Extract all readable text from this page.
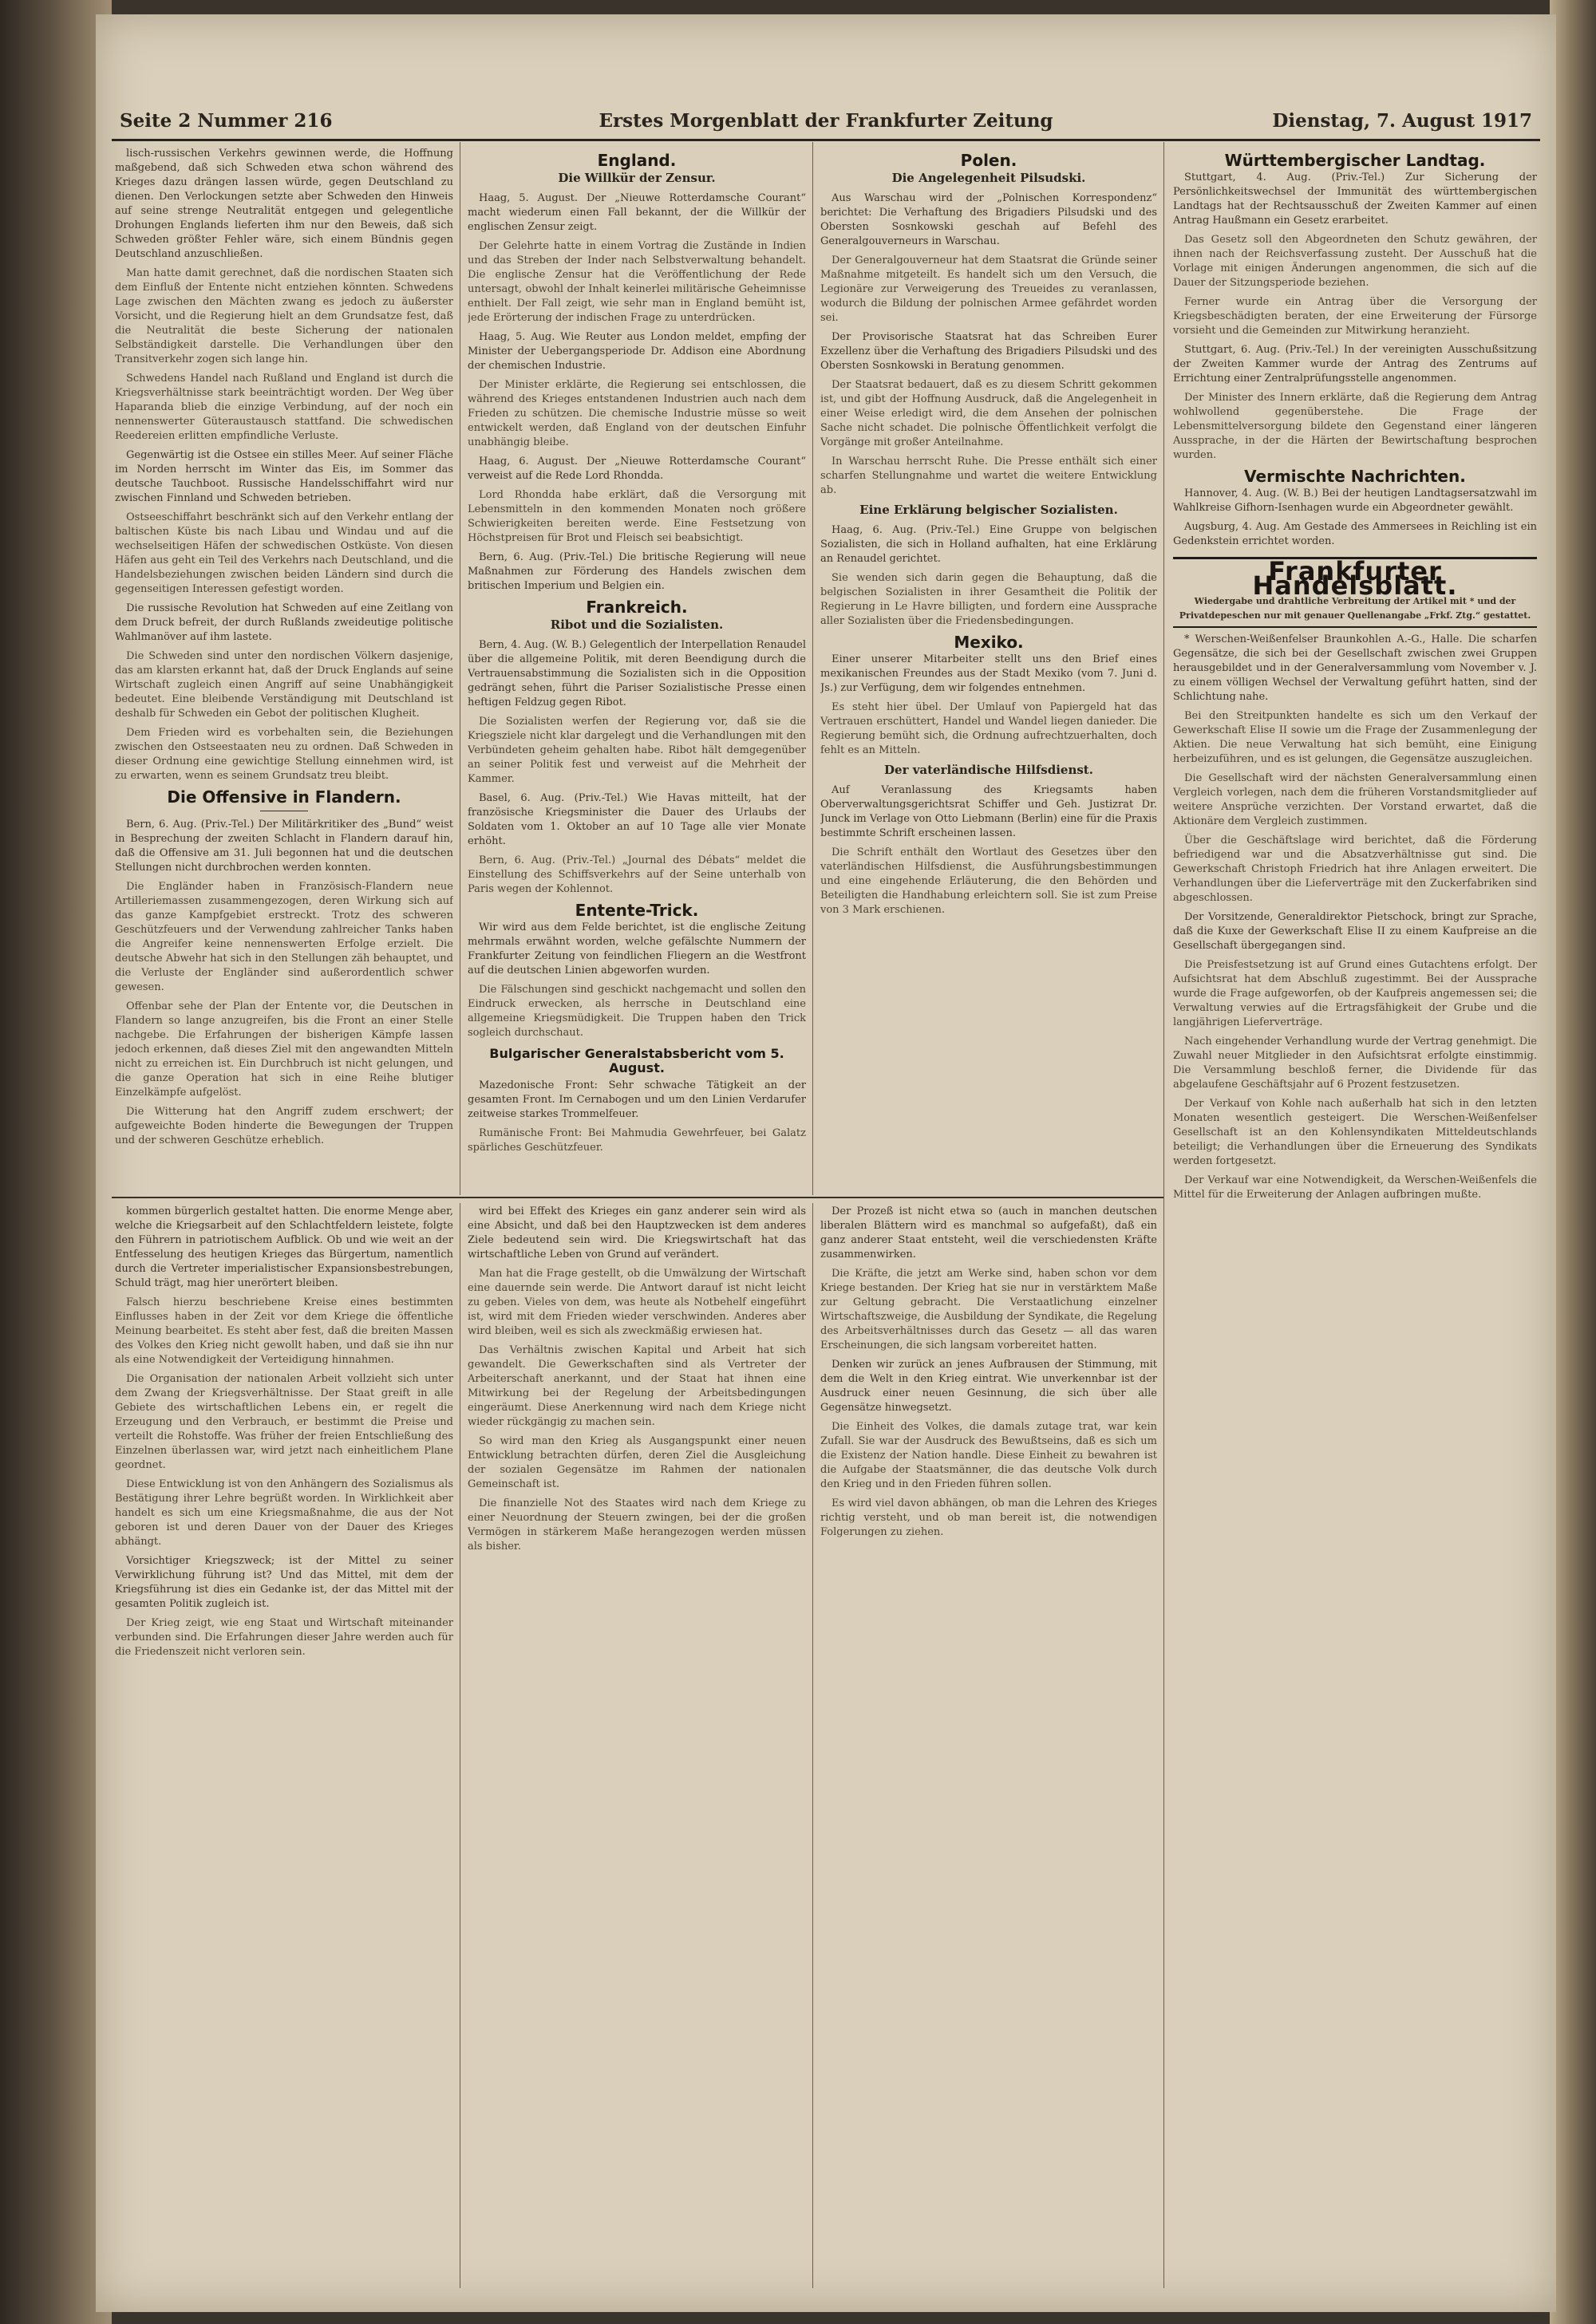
Seite 2 Nummer 216	Erstes Morgenblatt der Frankfurter Zeitung	Dienstag, 7. August 1917

lisch-russischen Verkehrs gewinnen werde, die Hoffnung maßgebend, daß sich Schweden etwa schon während des Krieges dazu drängen lassen würde, gegen Deutschland zu dienen. Den Verlockungen setzte aber Schweden den Hinweis auf seine strenge Neutralität entgegen und gelegentliche Drohungen Englands lieferten ihm nur den Beweis, daß sich Schweden größter Fehler wäre, sich einem Bündnis gegen Deutschland anzuschließen.

Man hatte damit gerechnet, daß die nordischen Staaten sich dem Einfluß der Entente nicht entziehen könnten. Schwedens Lage zwischen den Mächten zwang es jedoch zu äußerster Vorsicht, und die Regierung hielt an dem Grundsatze fest, daß die Neutralität die beste Sicherung der nationalen Selbständigkeit darstelle. Die Verhandlungen über den Transitverkehr zogen sich lange hin.

Schwedens Handel nach Rußland und England ist durch die Kriegsverhältnisse stark beeinträchtigt worden. Der Weg über Haparanda blieb die einzige Verbindung, auf der noch ein nennenswerter Güteraustausch stattfand. Die schwedischen Reedereien erlitten empfindliche Verluste.

Gegenwärtig ist die Ostsee ein stilles Meer. Auf seiner Fläche im Norden herrscht im Winter das Eis, im Sommer das deutsche Tauchboot. Russische Handelsschiffahrt wird nur zwischen Finnland und Schweden betrieben.

Ostseeschiffahrt beschränkt sich auf den Verkehr entlang der baltischen Küste bis nach Libau und Windau und auf die wechselseitigen Häfen der schwedischen Ostküste. Von diesen Häfen aus geht ein Teil des Verkehrs nach Deutschland, und die Handelsbeziehungen zwischen beiden Ländern sind durch die gegenseitigen Interessen gefestigt worden.

Die russische Revolution hat Schweden auf eine Zeitlang von dem Druck befreit, der durch Rußlands zweideutige politische Wahlmanöver auf ihm lastete.

Die Schweden sind unter den nordischen Völkern dasjenige, das am klarsten erkannt hat, daß der Druck Englands auf seine Wirtschaft zugleich einen Angriff auf seine Unabhängigkeit bedeutet. Eine bleibende Verständigung mit Deutschland ist deshalb für Schweden ein Gebot der politischen Klugheit.

Dem Frieden wird es vorbehalten sein, die Beziehungen zwischen den Ostseestaaten neu zu ordnen. Daß Schweden in dieser Ordnung eine gewichtige Stellung einnehmen wird, ist zu erwarten, wenn es seinem Grundsatz treu bleibt.

Die Offensive in Flandern.

Bern, 6. Aug. (Priv.-Tel.) Der Militärkritiker des „Bund“ weist in Besprechung der zweiten Schlacht in Flandern darauf hin, daß die Offensive am 31. Juli begonnen hat und die deutschen Stellungen nicht durchbrochen werden konnten.

Die Engländer haben in Französisch-Flandern neue Artilleriemassen zusammengezogen, deren Wirkung sich auf das ganze Kampfgebiet erstreckt. Trotz des schweren Geschützfeuers und der Verwendung zahlreicher Tanks haben die Angreifer keine nennenswerten Erfolge erzielt. Die deutsche Abwehr hat sich in den Stellungen zäh behauptet, und die Verluste der Engländer sind außerordentlich schwer gewesen.

Offenbar sehe der Plan der Entente vor, die Deutschen in Flandern so lange anzugreifen, bis die Front an einer Stelle nachgebe. Die Erfahrungen der bisherigen Kämpfe lassen jedoch erkennen, daß dieses Ziel mit den angewandten Mitteln nicht zu erreichen ist. Ein Durchbruch ist nicht gelungen, und die ganze Operation hat sich in eine Reihe blutiger Einzelkämpfe aufgelöst.

Die Witterung hat den Angriff zudem erschwert; der aufgeweichte Boden hinderte die Bewegungen der Truppen und der schweren Geschütze erheblich.

England.
Die Willkür der Zensur.

Haag, 5. August. Der „Nieuwe Rotterdamsche Courant“ macht wiederum einen Fall bekannt, der die Willkür der englischen Zensur zeigt.

Der Gelehrte hatte in einem Vortrag die Zustände in Indien und das Streben der Inder nach Selbstverwaltung behandelt. Die englische Zensur hat die Veröffentlichung der Rede untersagt, obwohl der Inhalt keinerlei militärische Geheimnisse enthielt. Der Fall zeigt, wie sehr man in England bemüht ist, jede Erörterung der indischen Frage zu unterdrücken.

Haag, 5. Aug. Wie Reuter aus London meldet, empfing der Minister der Uebergangsperiode Dr. Addison eine Abordnung der chemischen Industrie.

Der Minister erklärte, die Regierung sei entschlossen, die während des Krieges entstandenen Industrien auch nach dem Frieden zu schützen. Die chemische Industrie müsse so weit entwickelt werden, daß England von der deutschen Einfuhr unabhängig bleibe.

Haag, 6. August. Der „Nieuwe Rotterdamsche Courant“ verweist auf die Rede Lord Rhondda.

Lord Rhondda habe erklärt, daß die Versorgung mit Lebensmitteln in den kommenden Monaten noch größere Schwierigkeiten bereiten werde. Eine Festsetzung von Höchstpreisen für Brot und Fleisch sei beabsichtigt.

Bern, 6. Aug. (Priv.-Tel.) Die britische Regierung will neue Maßnahmen zur Förderung des Handels zwischen dem britischen Imperium und Belgien ein.

Frankreich.
Ribot und die Sozialisten.

Bern, 4. Aug. (W. B.) Gelegentlich der Interpellation Renaudel über die allgemeine Politik, mit deren Beendigung durch die Vertrauensabstimmung die Sozialisten sich in die Opposition gedrängt sehen, führt die Pariser Sozialistische Presse einen heftigen Feldzug gegen Ribot.

Die Sozialisten werfen der Regierung vor, daß sie die Kriegsziele nicht klar dargelegt und die Verhandlungen mit den Verbündeten geheim gehalten habe. Ribot hält demgegenüber an seiner Politik fest und verweist auf die Mehrheit der Kammer.

Basel, 6. Aug. (Priv.-Tel.) Wie Havas mitteilt, hat der französische Kriegsminister die Dauer des Urlaubs der Soldaten vom 1. Oktober an auf 10 Tage alle vier Monate erhöht.

Bern, 6. Aug. (Priv.-Tel.) „Journal des Débats“ meldet die Einstellung des Schiffsverkehrs auf der Seine unterhalb von Paris wegen der Kohlennot.

Entente-Trick.

Wir wird aus dem Felde berichtet, ist die englische Zeitung mehrmals erwähnt worden, welche gefälschte Nummern der Frankfurter Zeitung von feindlichen Fliegern an die Westfront auf die deutschen Linien abgeworfen wurden.

Die Fälschungen sind geschickt nachgemacht und sollen den Eindruck erwecken, als herrsche in Deutschland eine allgemeine Kriegsmüdigkeit. Die Truppen haben den Trick sogleich durchschaut.

Bulgarischer Generalstabsbericht vom 5. August.

Mazedonische Front: Sehr schwache Tätigkeit an der gesamten Front. Im Cernabogen und um den Linien Verdarufer zeitweise starkes Trommelfeuer.

Rumänische Front: Bei Mahmudia Gewehrfeuer, bei Galatz spärliches Geschützfeuer.

Polen.
Die Angelegenheit Pilsudski.

Aus Warschau wird der „Polnischen Korrespondenz“ berichtet: Die Verhaftung des Brigadiers Pilsudski und des Obersten Sosnkowski geschah auf Befehl des Generalgouverneurs in Warschau.

Der Generalgouverneur hat dem Staatsrat die Gründe seiner Maßnahme mitgeteilt. Es handelt sich um den Versuch, die Legionäre zur Verweigerung des Treueides zu veranlassen, wodurch die Bildung der polnischen Armee gefährdet worden sei.

Der Provisorische Staatsrat hat das Schreiben Eurer Exzellenz über die Verhaftung des Brigadiers Pilsudski und des Obersten Sosnkowski in Beratung genommen.

Der Staatsrat bedauert, daß es zu diesem Schritt gekommen ist, und gibt der Hoffnung Ausdruck, daß die Angelegenheit in einer Weise erledigt wird, die dem Ansehen der polnischen Sache nicht schadet. Die polnische Öffentlichkeit verfolgt die Vorgänge mit großer Anteilnahme.

In Warschau herrscht Ruhe. Die Presse enthält sich einer scharfen Stellungnahme und wartet die weitere Entwicklung ab.

Eine Erklärung belgischer Sozialisten.

Haag, 6. Aug. (Priv.-Tel.) Eine Gruppe von belgischen Sozialisten, die sich in Holland aufhalten, hat eine Erklärung an Renaudel gerichtet.

Sie wenden sich darin gegen die Behauptung, daß die belgischen Sozialisten in ihrer Gesamtheit die Politik der Regierung in Le Havre billigten, und fordern eine Aussprache aller Sozialisten über die Friedensbedingungen.

Mexiko.

Einer unserer Mitarbeiter stellt uns den Brief eines mexikanischen Freundes aus der Stadt Mexiko (vom 7. Juni d. Js.) zur Verfügung, dem wir folgendes entnehmen.

Es steht hier übel. Der Umlauf von Papiergeld hat das Vertrauen erschüttert, Handel und Wandel liegen danieder. Die Regierung bemüht sich, die Ordnung aufrechtzuerhalten, doch fehlt es an Mitteln.

Der vaterländische Hilfsdienst.

Auf Veranlassung des Kriegsamts haben Oberverwaltungsgerichtsrat Schiffer und Geh. Justizrat Dr. Junck im Verlage von Otto Liebmann (Berlin) eine für die Praxis bestimmte Schrift erscheinen lassen.

Die Schrift enthält den Wortlaut des Gesetzes über den vaterländischen Hilfsdienst, die Ausführungsbestimmungen und eine eingehende Erläuterung, die den Behörden und Beteiligten die Handhabung erleichtern soll. Sie ist zum Preise von 3 Mark erschienen.

Württembergischer Landtag.

Stuttgart, 4. Aug. (Priv.-Tel.) Zur Sicherung der Persönlichkeitswechsel der Immunität des württembergischen Landtags hat der Rechtsausschuß der Zweiten Kammer auf einen Antrag Haußmann ein Gesetz erarbeitet.

Das Gesetz soll den Abgeordneten den Schutz gewähren, der ihnen nach der Reichsverfassung zusteht. Der Ausschuß hat die Vorlage mit einigen Änderungen angenommen, die sich auf die Dauer der Sitzungsperiode beziehen.

Ferner wurde ein Antrag über die Versorgung der Kriegsbeschädigten beraten, der eine Erweiterung der Fürsorge vorsieht und die Gemeinden zur Mitwirkung heranzieht.

Stuttgart, 6. Aug. (Priv.-Tel.) In der vereinigten Ausschußsitzung der Zweiten Kammer wurde der Antrag des Zentrums auf Errichtung einer Zentralprüfungsstelle angenommen.

Der Minister des Innern erklärte, daß die Regierung dem Antrag wohlwollend gegenüberstehe. Die Frage der Lebensmittelversorgung bildete den Gegenstand einer längeren Aussprache, in der die Härten der Bewirtschaftung besprochen wurden.

Vermischte Nachrichten.

Hannover, 4. Aug. (W. B.) Bei der heutigen Landtagsersatzwahl im Wahlkreise Gifhorn-Isenhagen wurde ein Abgeordneter gewählt.

Augsburg, 4. Aug. Am Gestade des Ammersees in Reichling ist ein Gedenkstein errichtet worden.

Frankfurter Handelsblatt.
Wiedergabe und drahtliche Verbreitung der Artikel mit * und der Privatdepeschen nur mit genauer Quellenangabe „Frkf. Ztg.“ gestattet.

* Werschen-Weißenfelser Braunkohlen A.-G., Halle. Die scharfen Gegensätze, die sich bei der Gesellschaft zwischen zwei Gruppen herausgebildet und in der Generalversammlung vom November v. J. zu einem völligen Wechsel der Verwaltung geführt hatten, sind der Schlichtung nahe.

Bei den Streitpunkten handelte es sich um den Verkauf der Gewerkschaft Elise II sowie um die Frage der Zusammenlegung der Aktien. Die neue Verwaltung hat sich bemüht, eine Einigung herbeizuführen, und es ist gelungen, die Gegensätze auszugleichen.

Die Gesellschaft wird der nächsten Generalversammlung einen Vergleich vorlegen, nach dem die früheren Vorstandsmitglieder auf weitere Ansprüche verzichten. Der Vorstand erwartet, daß die Aktionäre dem Vergleich zustimmen.

Über die Geschäftslage wird berichtet, daß die Förderung befriedigend war und die Absatzverhältnisse gut sind. Die Gewerkschaft Christoph Friedrich hat ihre Anlagen erweitert. Die Verhandlungen über die Lieferverträge mit den Zuckerfabriken sind abgeschlossen.

Der Vorsitzende, Generaldirektor Pietschock, bringt zur Sprache, daß die Kuxe der Gewerkschaft Elise II zu einem Kaufpreise an die Gesellschaft übergegangen sind.

Die Preisfestsetzung ist auf Grund eines Gutachtens erfolgt. Der Aufsichtsrat hat dem Abschluß zugestimmt. Bei der Aussprache wurde die Frage aufgeworfen, ob der Kaufpreis angemessen sei; die Verwaltung verwies auf die Ertragsfähigkeit der Grube und die langjährigen Lieferverträge.

Nach eingehender Verhandlung wurde der Vertrag genehmigt. Die Zuwahl neuer Mitglieder in den Aufsichtsrat erfolgte einstimmig. Die Versammlung beschloß ferner, die Dividende für das abgelaufene Geschäftsjahr auf 6 Prozent festzusetzen.

Der Verkauf von Kohle nach außerhalb hat sich in den letzten Monaten wesentlich gesteigert. Die Werschen-Weißenfelser Gesellschaft ist an den Kohlensyndikaten Mitteldeutschlands beteiligt; die Verhandlungen über die Erneuerung des Syndikats werden fortgesetzt.

Der Verkauf war eine Notwendigkeit, da Werschen-Weißenfels die Mittel für die Erweiterung der Anlagen aufbringen mußte.

kommen bürgerlich gestaltet hatten. Die enorme Menge aber, welche die Kriegsarbeit auf den Schlachtfeldern leistete, folgte den Führern in patriotischem Aufblick. Ob und wie weit an der Entfesselung des heutigen Krieges das Bürgertum, namentlich durch die Vertreter imperialistischer Expansionsbestrebungen, Schuld trägt, mag hier unerörtert bleiben.

Falsch hierzu beschriebene Kreise eines bestimmten Einflusses haben in der Zeit vor dem Kriege die öffentliche Meinung bearbeitet. Es steht aber fest, daß die breiten Massen des Volkes den Krieg nicht gewollt haben, und daß sie ihn nur als eine Notwendigkeit der Verteidigung hinnahmen.

Die Organisation der nationalen Arbeit vollzieht sich unter dem Zwang der Kriegsverhältnisse. Der Staat greift in alle Gebiete des wirtschaftlichen Lebens ein, er regelt die Erzeugung und den Verbrauch, er bestimmt die Preise und verteilt die Rohstoffe. Was früher der freien Entschließung des Einzelnen überlassen war, wird jetzt nach einheitlichem Plane geordnet.

Diese Entwicklung ist von den Anhängern des Sozialismus als Bestätigung ihrer Lehre begrüßt worden. In Wirklichkeit aber handelt es sich um eine Kriegsmaßnahme, die aus der Not geboren ist und deren Dauer von der Dauer des Krieges abhängt.

Vorsichtiger Kriegszweck; ist der Mittel zu seiner Verwirklichung führung ist? Und das Mittel, mit dem der Kriegsführung ist dies ein Gedanke ist, der das Mittel mit der gesamten Politik zugleich ist.

Der Krieg zeigt, wie eng Staat und Wirtschaft miteinander verbunden sind. Die Erfahrungen dieser Jahre werden auch für die Friedenszeit nicht verloren sein.

wird bei Effekt des Krieges ein ganz anderer sein wird als eine Absicht, und daß bei den Hauptzwecken ist dem anderes Ziele bedeutend sein wird. Die Kriegswirtschaft hat das wirtschaftliche Leben von Grund auf verändert.

Man hat die Frage gestellt, ob die Umwälzung der Wirtschaft eine dauernde sein werde. Die Antwort darauf ist nicht leicht zu geben. Vieles von dem, was heute als Notbehelf eingeführt ist, wird mit dem Frieden wieder verschwinden. Anderes aber wird bleiben, weil es sich als zweckmäßig erwiesen hat.

Das Verhältnis zwischen Kapital und Arbeit hat sich gewandelt. Die Gewerkschaften sind als Vertreter der Arbeiterschaft anerkannt, und der Staat hat ihnen eine Mitwirkung bei der Regelung der Arbeitsbedingungen eingeräumt. Diese Anerkennung wird nach dem Kriege nicht wieder rückgängig zu machen sein.

So wird man den Krieg als Ausgangspunkt einer neuen Entwicklung betrachten dürfen, deren Ziel die Ausgleichung der sozialen Gegensätze im Rahmen der nationalen Gemeinschaft ist.

Die finanzielle Not des Staates wird nach dem Kriege zu einer Neuordnung der Steuern zwingen, bei der die großen Vermögen in stärkerem Maße herangezogen werden müssen als bisher.

Der Prozeß ist nicht etwa so (auch in manchen deutschen liberalen Blättern wird es manchmal so aufgefaßt), daß ein ganz anderer Staat entsteht, weil die verschiedensten Kräfte zusammenwirken.

Die Kräfte, die jetzt am Werke sind, haben schon vor dem Kriege bestanden. Der Krieg hat sie nur in verstärktem Maße zur Geltung gebracht. Die Verstaatlichung einzelner Wirtschaftszweige, die Ausbildung der Syndikate, die Regelung des Arbeitsverhältnisses durch das Gesetz — all das waren Erscheinungen, die sich langsam vorbereitet hatten.

Denken wir zurück an jenes Aufbrausen der Stimmung, mit dem die Welt in den Krieg eintrat. Wie unverkennbar ist der Ausdruck einer neuen Gesinnung, die sich über alle Gegensätze hinwegsetzt.

Die Einheit des Volkes, die damals zutage trat, war kein Zufall. Sie war der Ausdruck des Bewußtseins, daß es sich um die Existenz der Nation handle. Diese Einheit zu bewahren ist die Aufgabe der Staatsmänner, die das deutsche Volk durch den Krieg und in den Frieden führen sollen.

Es wird viel davon abhängen, ob man die Lehren des Krieges richtig versteht, und ob man bereit ist, die notwendigen Folgerungen zu ziehen.
